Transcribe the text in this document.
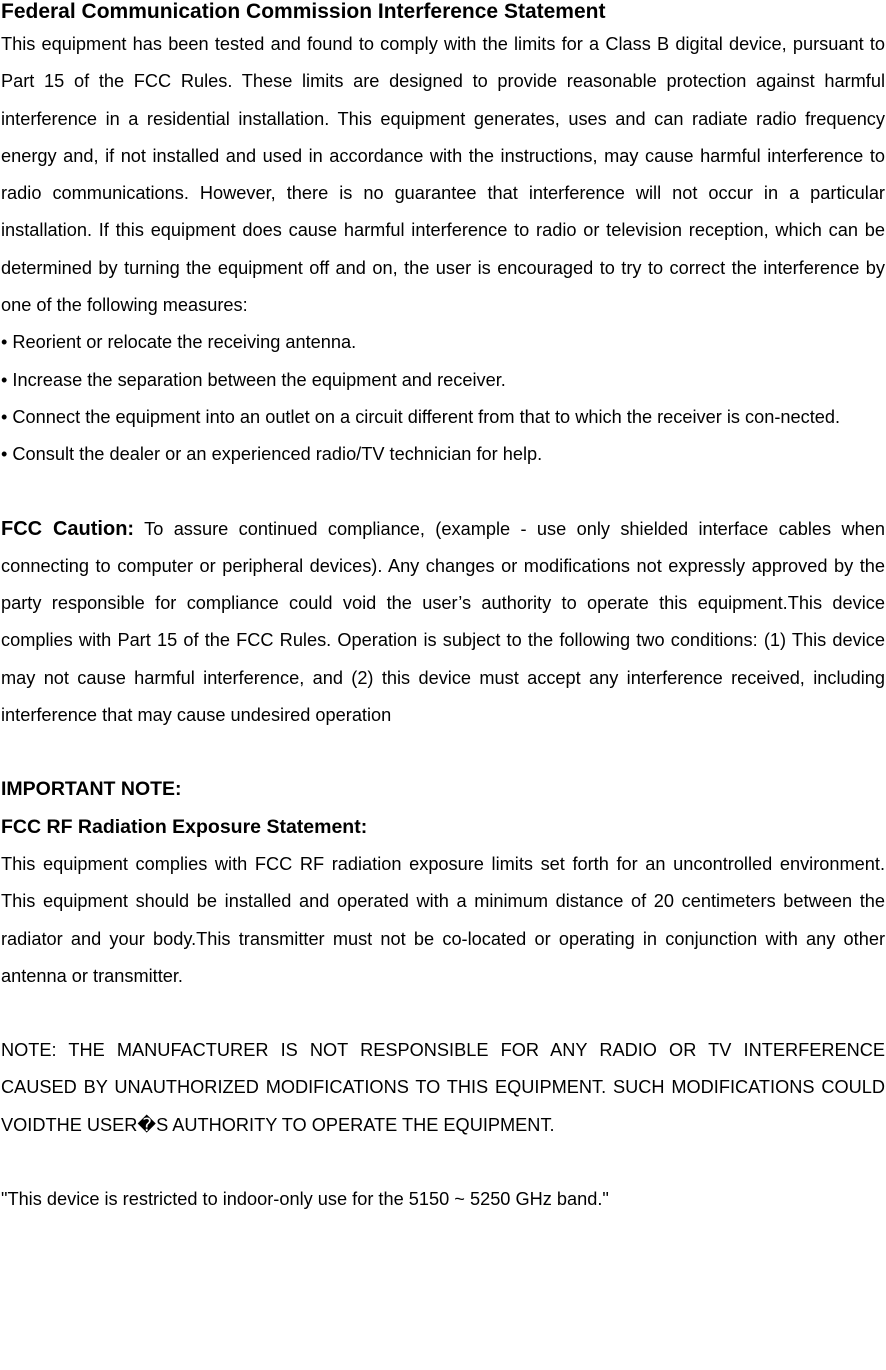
Federal Communication Commission Interference Statement

This equipment has been tested and found to comply with the limits for a Class B digital device, pursuant to Part 15 of the FCC Rules. These limits are designed to provide reasonable protection against harmful interference in a residential installation. This equipment generates, uses and can radiate radio frequency energy and, if not installed and used in accordance with the instructions, may cause harmful interference to radio communications. However, there is no guarantee that interference will not occur in a particular installation. If this equipment does cause harmful interference to radio or television reception, which can be determined by turning the equipment off and on, the user is encouraged to try to correct the interference by one of the following measures:

• Reorient or relocate the receiving antenna.

• Increase the separation between the equipment and receiver.

• Connect the equipment into an outlet on a circuit different from that to which the receiver is con-nected.

• Consult the dealer or an experienced radio/TV technician for help.

FCC Caution: To assure continued compliance, (example - use only shielded interface cables when connecting to computer or peripheral devices). Any changes or modifications not expressly approved by the party responsible for compliance could void the user’s authority to operate this equipment.This device complies with Part 15 of the FCC Rules. Operation is subject to the following two conditions: (1) This device may not cause harmful interference, and (2) this device must accept any interference received, including interference that may cause undesired operation

IMPORTANT NOTE:

FCC RF Radiation Exposure Statement:

This equipment complies with FCC RF radiation exposure limits set forth for an uncontrolled environment. This equipment should be installed and operated with a minimum distance of 20 centimeters between the radiator and your body.This transmitter must not be co-located or operating in conjunction with any other antenna or transmitter.

NOTE: THE MANUFACTURER IS NOT RESPONSIBLE FOR ANY RADIO OR TV INTERFERENCE CAUSED BY UNAUTHORIZED MODIFICATIONS TO THIS EQUIPMENT. SUCH MODIFICATIONS COULD VOIDTHE USER�S AUTHORITY TO OPERATE THE EQUIPMENT.

"This device is restricted to indoor-only use for the 5150 ~ 5250 GHz band."
